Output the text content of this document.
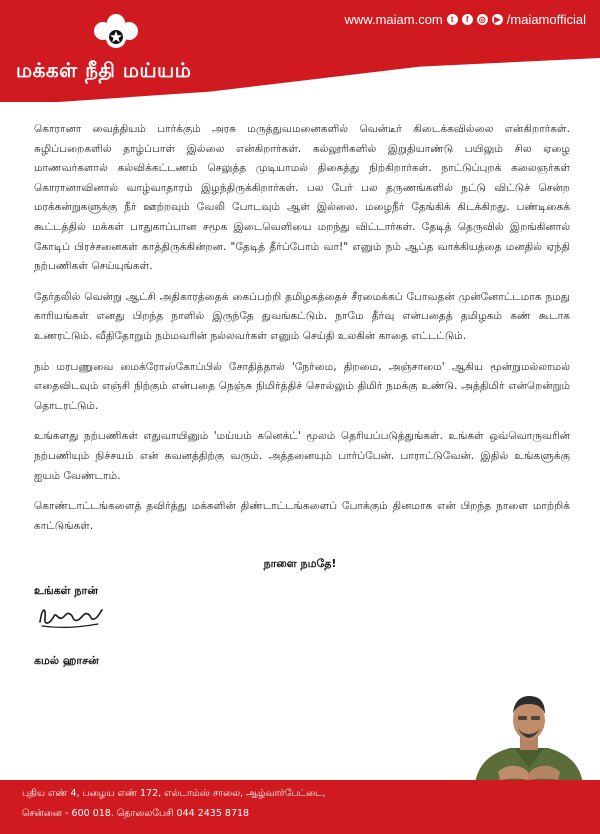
மக்கள் நீதி மய்யம்
www.maiam.com	t	f	◎	▶ /maiamofficial

கொரானா வைத்தியம் பார்க்கும் அரசு மருத்துவமனைகளில் வென்டீர் கிடைக்கவில்லை என்கிறார்கள். சுழிப்பறைகளில் தாழ்ப்பாள் இல்லை என்கிறார்கள். கல்லூரிகளில் இறுதியாண்டு பயிலும் சில ஏழை மாணவர்களால் கல்விக்கட்டணம் செலுத்த முடியாமல் திகைத்து நிற்கிறார்கள். நாட்டுப்புறக் கலைஞர்கள் கொரானாவினால் வாழ்வாதாரம் இழந்திருக்கிறார்கள். பல பேர் பல தருணங்களில் நட்டு விட்டுச் சென்ற மரக்கன்றுகளுக்கு நீர் ஊற்றவும் வேலி போடவும் ஆள் இல்லை. மழைநீர் தேங்கிக் கிடக்கிறது. பண்டிகைக் கூட்டத்தில் மக்கள் பாதுகாப்பான சமூக இடைவெளியை மறந்து விட்டார்கள். தேடித் தெருவில் இறங்கினால் கோடிப் பிரச்சனைகள் காத்திருக்கின்றன. "தேடித் தீர்ப்போம் வா!" எனும் நம் ஆப்த வாக்கியத்தை மனதில் ஏந்தி நற்பணிகள் செய்யுங்கள்.

தேர்தலில் வென்று ஆட்சி அதிகாரத்தைக் கைப்பற்றி தமிழகத்தைச் சீரமைக்கப் போவதன் முன்னோட்டமாக நமது காரியங்கள் எனது பிறந்த நாளில் இருந்தே துவங்கட்டும். நாமே தீர்வு என்பதைத் தமிழகம் கண் கூடாக உணரட்டும். வீதிதோறும் நம்மவரின் நல்லவர்கள் எனும் செய்தி உலகின் காதை எட்டட்டும்.

நம் மரபணுவை மைக்ரோஸ்கோப்பில் சோதித்தால் 'நேர்மை, திறமை, அஞ்சாமை' ஆகிய மூன்றுமல்லாமல் எதைவிடவும் எஞ்சி நிற்கும் என்பதை நெஞ்சு நிமிர்த்திச் சொல்லும் திமிர் நமக்கு உண்டு. அத்திமிர் என்றென்றும் தொடரட்டும்.

உங்களது நற்பணிகள் எதுவாயினும் 'மய்யம் கனெக்ட்' மூலம் தெரியப்படுத்துங்கள். உங்கள் ஒவ்வொருவரின் நற்பணியும் நிச்சயம் என் கவனத்திற்கு வரும். அத்தனையும் பார்ப்பேன். பாராட்டுவேன். இதில் உங்களுக்கு ஐயம் வேண்டாம்.

கொண்டாட்டங்களைத் தவிர்த்து மக்களின் திண்டாட்டங்களைப் போக்கும் தினமாக என் பிறந்த நாளை மாற்றிக் காட்டுங்கள்.

நாளை நமதே!
உங்கள் நான்
கமல் ஹாசன்
புதிய எண் 4, பழைய எண் 172, எல்டாம்ஸ் சாலை, ஆழ்வார்பேட்டை,
சென்னை - 600 018. தொலைபேசி 044 2435 8718
